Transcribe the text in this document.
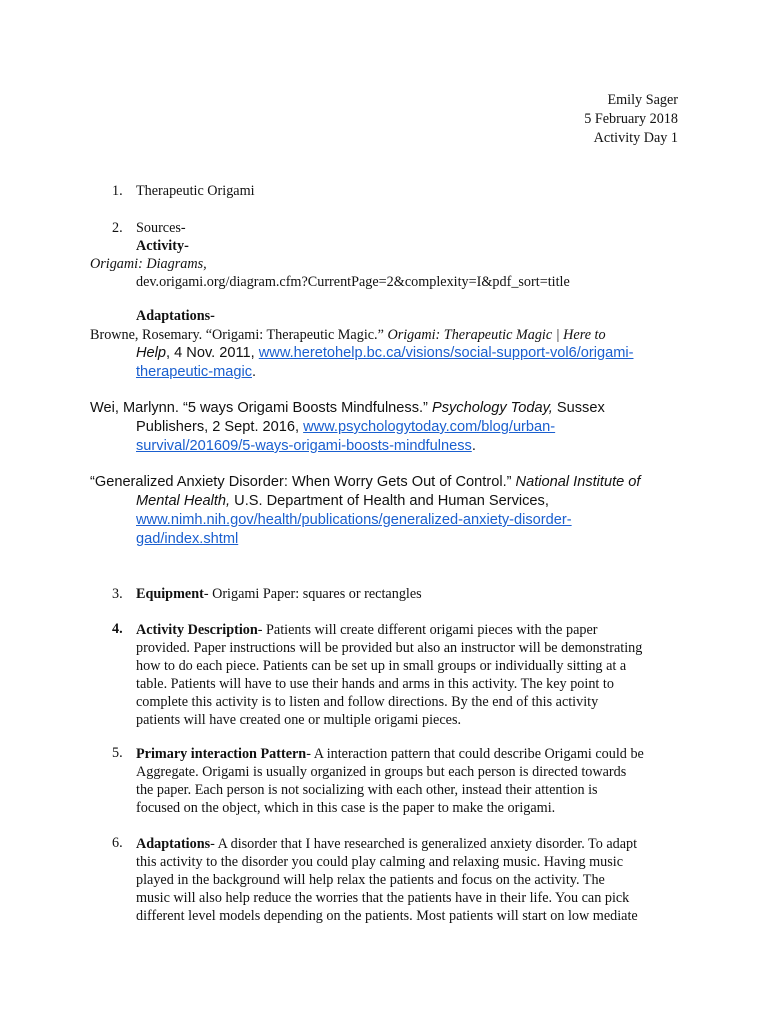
Emily Sager
5 February 2018
Activity Day 1
1. Therapeutic Origami
2. Sources-
Activity-
Origami: Diagrams,
dev.origami.org/diagram.cfm?CurrentPage=2&complexity=I&pdf_sort=title
Adaptations-
Browne, Rosemary. “Origami: Therapeutic Magic.” Origami: Therapeutic Magic | Here to
Help, 4 Nov. 2011, www.heretohelp.bc.ca/visions/social-support-vol6/origami-
therapeutic-magic.
Wei, Marlynn. “5 ways Origami Boosts Mindfulness.” Psychology Today, Sussex
Publishers, 2 Sept. 2016, www.psychologytoday.com/blog/urban-
survival/201609/5-ways-origami-boosts-mindfulness.
“Generalized Anxiety Disorder: When Worry Gets Out of Control.” National Institute of
Mental Health, U.S. Department of Health and Human Services,
www.nimh.nih.gov/health/publications/generalized-anxiety-disorder-
gad/index.shtml
3. Equipment- Origami Paper: squares or rectangles
4. Activity Description- Patients will create different origami pieces with the paper
provided. Paper instructions will be provided but also an instructor will be demonstrating
how to do each piece. Patients can be set up in small groups or individually sitting at a
table. Patients will have to use their hands and arms in this activity. The key point to
complete this activity is to listen and follow directions. By the end of this activity
patients will have created one or multiple origami pieces.
5. Primary interaction Pattern- A interaction pattern that could describe Origami could be
Aggregate. Origami is usually organized in groups but each person is directed towards
the paper. Each person is not socializing with each other, instead their attention is
focused on the object, which in this case is the paper to make the origami.
6. Adaptations- A disorder that I have researched is generalized anxiety disorder. To adapt
this activity to the disorder you could play calming and relaxing music. Having music
played in the background will help relax the patients and focus on the activity. The
music will also help reduce the worries that the patients have in their life. You can pick
different level models depending on the patients. Most patients will start on low mediate
